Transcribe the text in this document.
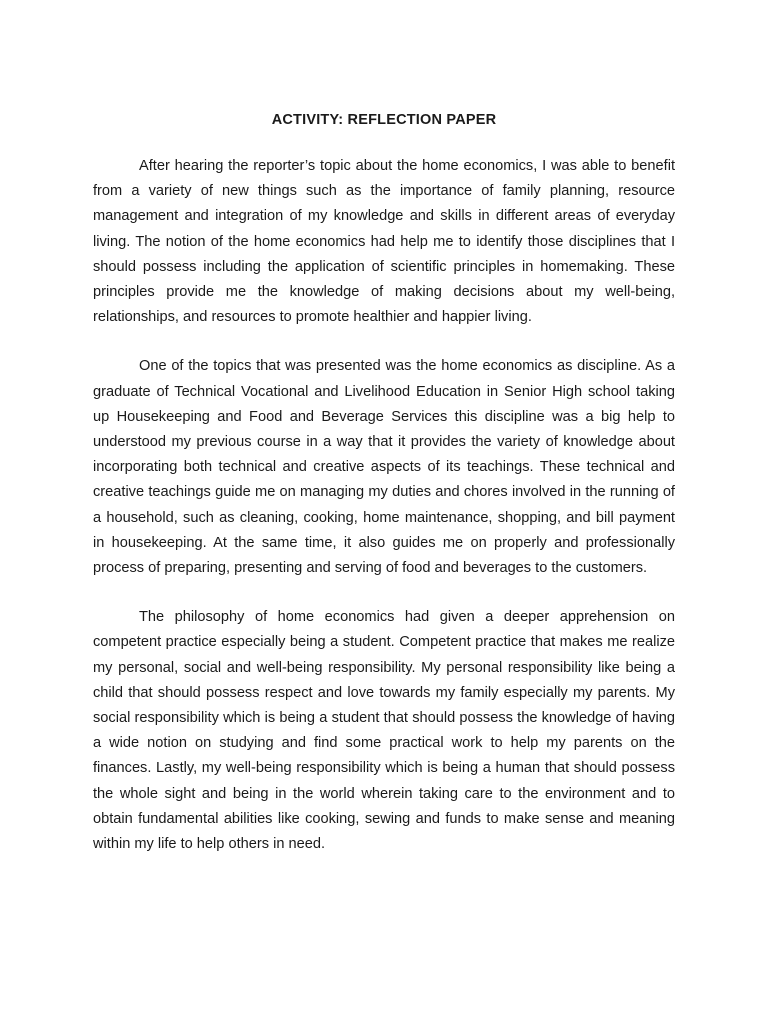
ACTIVITY: REFLECTION PAPER

After hearing the reporter’s topic about the home economics, I was able to benefit from a variety of new things such as the importance of family planning, resource management and integration of my knowledge and skills in different areas of everyday living. The notion of the home economics had help me to identify those disciplines that I should possess including the application of scientific principles in homemaking. These principles provide me the knowledge of making decisions about my well-being, relationships, and resources to promote healthier and happier living.

One of the topics that was presented was the home economics as discipline. As a graduate of Technical Vocational and Livelihood Education in Senior High school taking up Housekeeping and Food and Beverage Services this discipline was a big help to understood my previous course in a way that it provides the variety of knowledge about incorporating both technical and creative aspects of its teachings. These technical and creative teachings guide me on managing my duties and chores involved in the running of a household, such as cleaning, cooking, home maintenance, shopping, and bill payment in housekeeping. At the same time, it also guides me on properly and professionally process of preparing, presenting and serving of food and beverages to the customers.

The philosophy of home economics had given a deeper apprehension on competent practice especially being a student. Competent practice that makes me realize my personal, social and well-being responsibility. My personal responsibility like being a child that should possess respect and love towards my family especially my parents. My social responsibility which is being a student that should possess the knowledge of having a wide notion on studying and find some practical work to help my parents on the finances. Lastly, my well-being responsibility which is being a human that should possess the whole sight and being in the world wherein taking care to the environment and to obtain fundamental abilities like cooking, sewing and funds to make sense and meaning within my life to help others in need.
